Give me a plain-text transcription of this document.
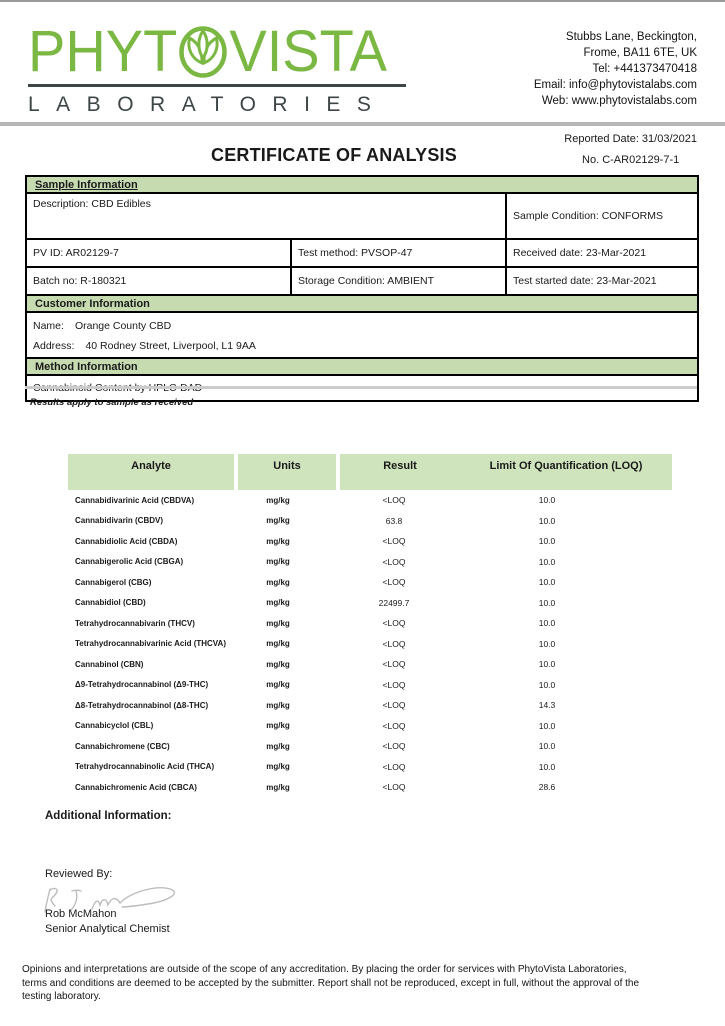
PHYT VISTA
LABORATORIES
Stubbs Lane, Beckington,
Frome, BA11 6TE, UK
Tel: +441373470418
Email: info@phytovistalabs.com
Web: www.phytovistalabs.com
Reported Date: 31/03/2021
No. C-AR02129-7-1
CERTIFICATE OF ANALYSIS
Sample Information		
Description: CBD Edibles		Sample Condition: CONFORMS
PV ID: AR02129-7	Test method: PVSOP-47	Received date: 23-Mar-2021
Batch no: R-180321	Storage Condition: AMBIENT	Test started date: 23-Mar-2021
Customer Information		

Name: Orange County CBD
Address: 40 Rodney Street, Liverpool, L1 9AA		

Method Information		

Results apply to sample as received
Analyte	Units	Result	Limit Of Quantification (LOQ)
Cannabidivarinic Acid (CBDVA)	mg/kg	<LOQ	10.0
Cannabidivarin (CBDV)	mg/kg	63.8	10.0
Cannabidiolic Acid (CBDA)	mg/kg	<LOQ	10.0
Cannabigerolic Acid (CBGA)	mg/kg	<LOQ	10.0
Cannabigerol (CBG)	mg/kg	<LOQ	10.0
Cannabidiol (CBD)	mg/kg	22499.7	10.0
Tetrahydrocannabivarin (THCV)	mg/kg	<LOQ	10.0
Tetrahydrocannabivarinic Acid (THCVA)	mg/kg	<LOQ	10.0
Cannabinol (CBN)	mg/kg	<LOQ	10.0
Δ9-Tetrahydrocannabinol (Δ9-THC)	mg/kg	<LOQ	10.0
Δ8-Tetrahydrocannabinol (Δ8-THC)	mg/kg	<LOQ	14.3
Cannabicyclol (CBL)	mg/kg	<LOQ	10.0
Cannabichromene (CBC)	mg/kg	<LOQ	10.0
Tetrahydrocannabinolic Acid (THCA)	mg/kg	<LOQ	10.0
Cannabichromenic Acid (CBCA)	mg/kg	<LOQ	28.6
Additional Information:
Reviewed By:
Rob McMahon
Senior Analytical Chemist
Opinions and interpretations are outside of the scope of any accreditation. By placing the order for services with PhytoVista Laboratories, terms and conditions are deemed to be accepted by the submitter. Report shall not be reproduced, except in full, without the approval of the testing laboratory.
